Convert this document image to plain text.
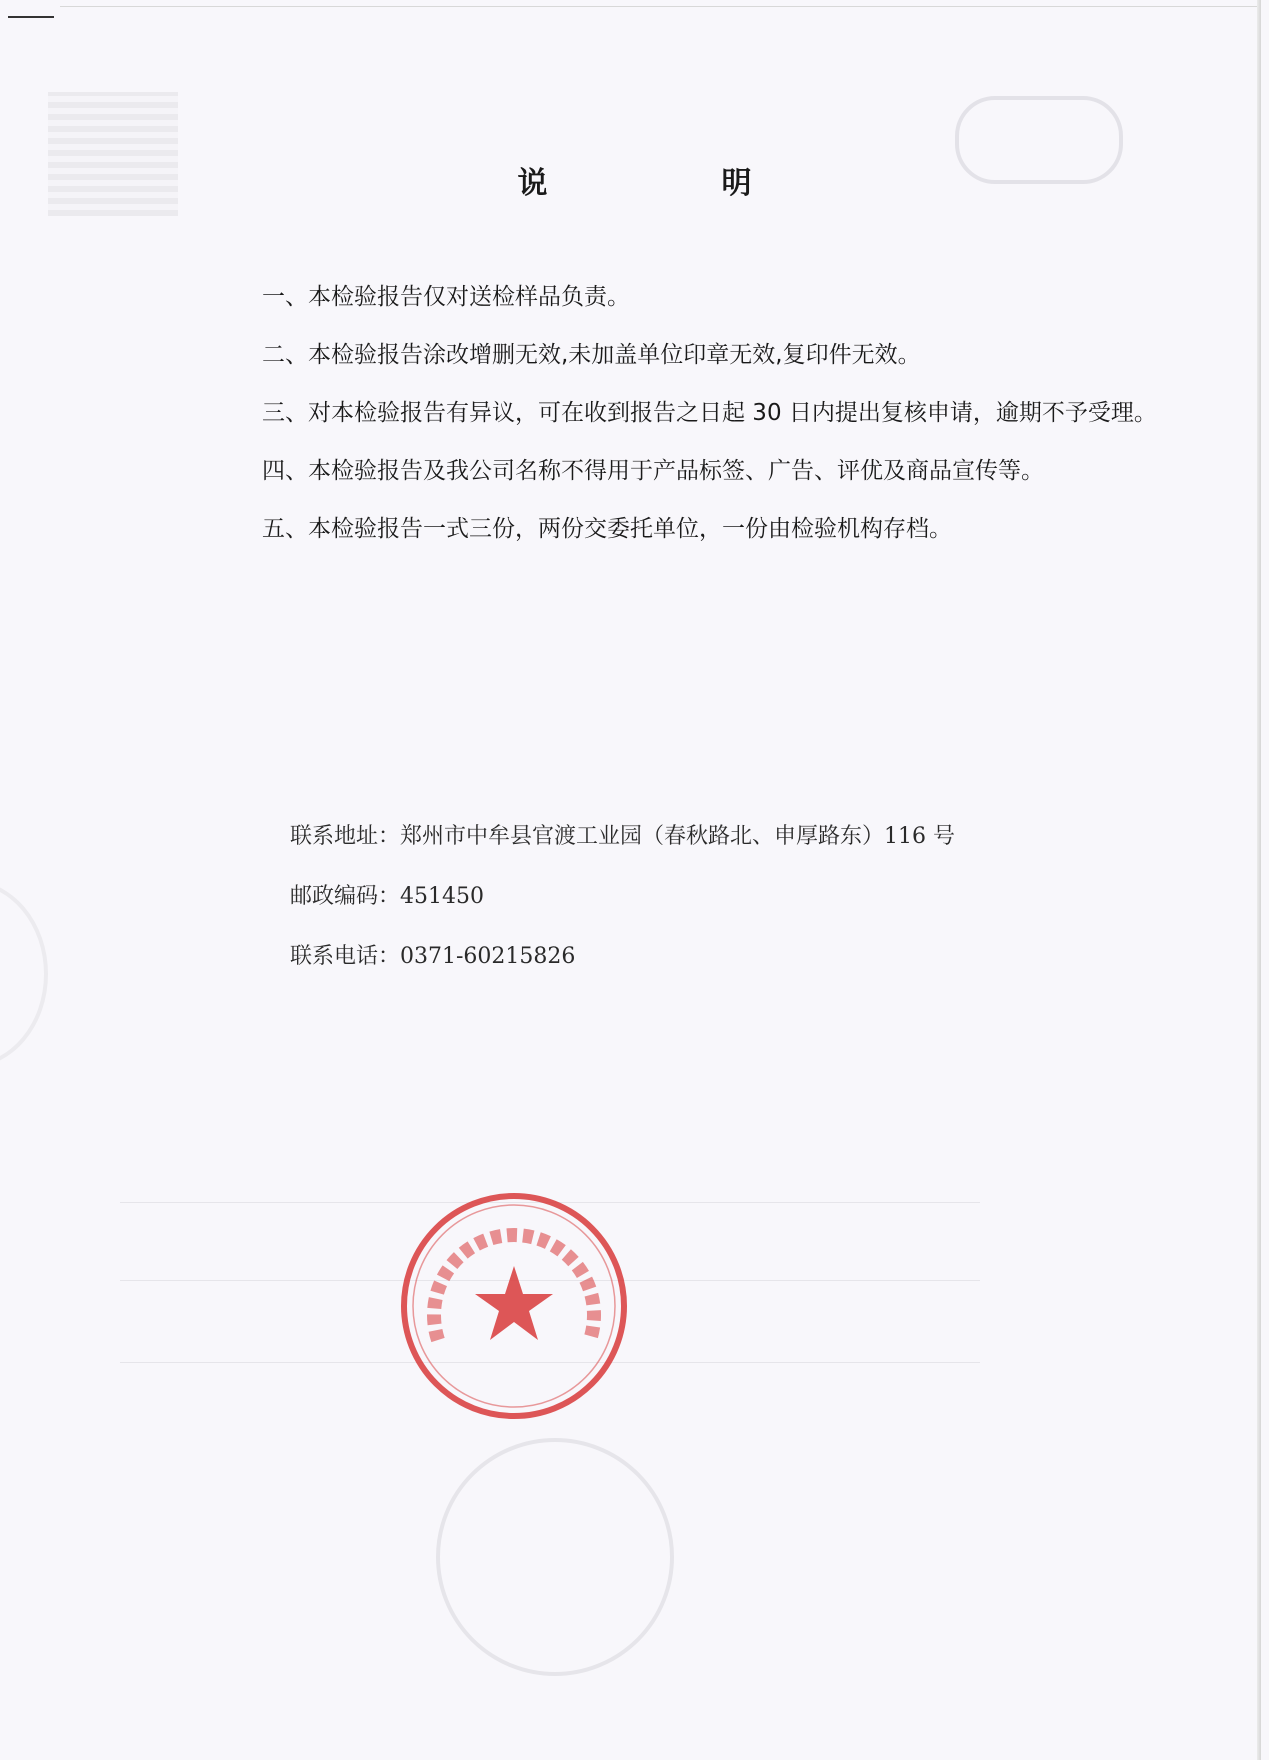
说　明
一、本检验报告仅对送检样品负责。
二、本检验报告涂改增删无效,未加盖单位印章无效,复印件无效。
三、对本检验报告有异议，可在收到报告之日起 30 日内提出复核申请，逾期不予受理。
四、本检验报告及我公司名称不得用于产品标签、广告、评优及商品宣传等。
五、本检验报告一式三份，两份交委托单位，一份由检验机构存档。
联系地址：郑州市中牟县官渡工业园（春秋路北、申厚路东）116 号
邮政编码：451450
联系电话：0371-60215826
